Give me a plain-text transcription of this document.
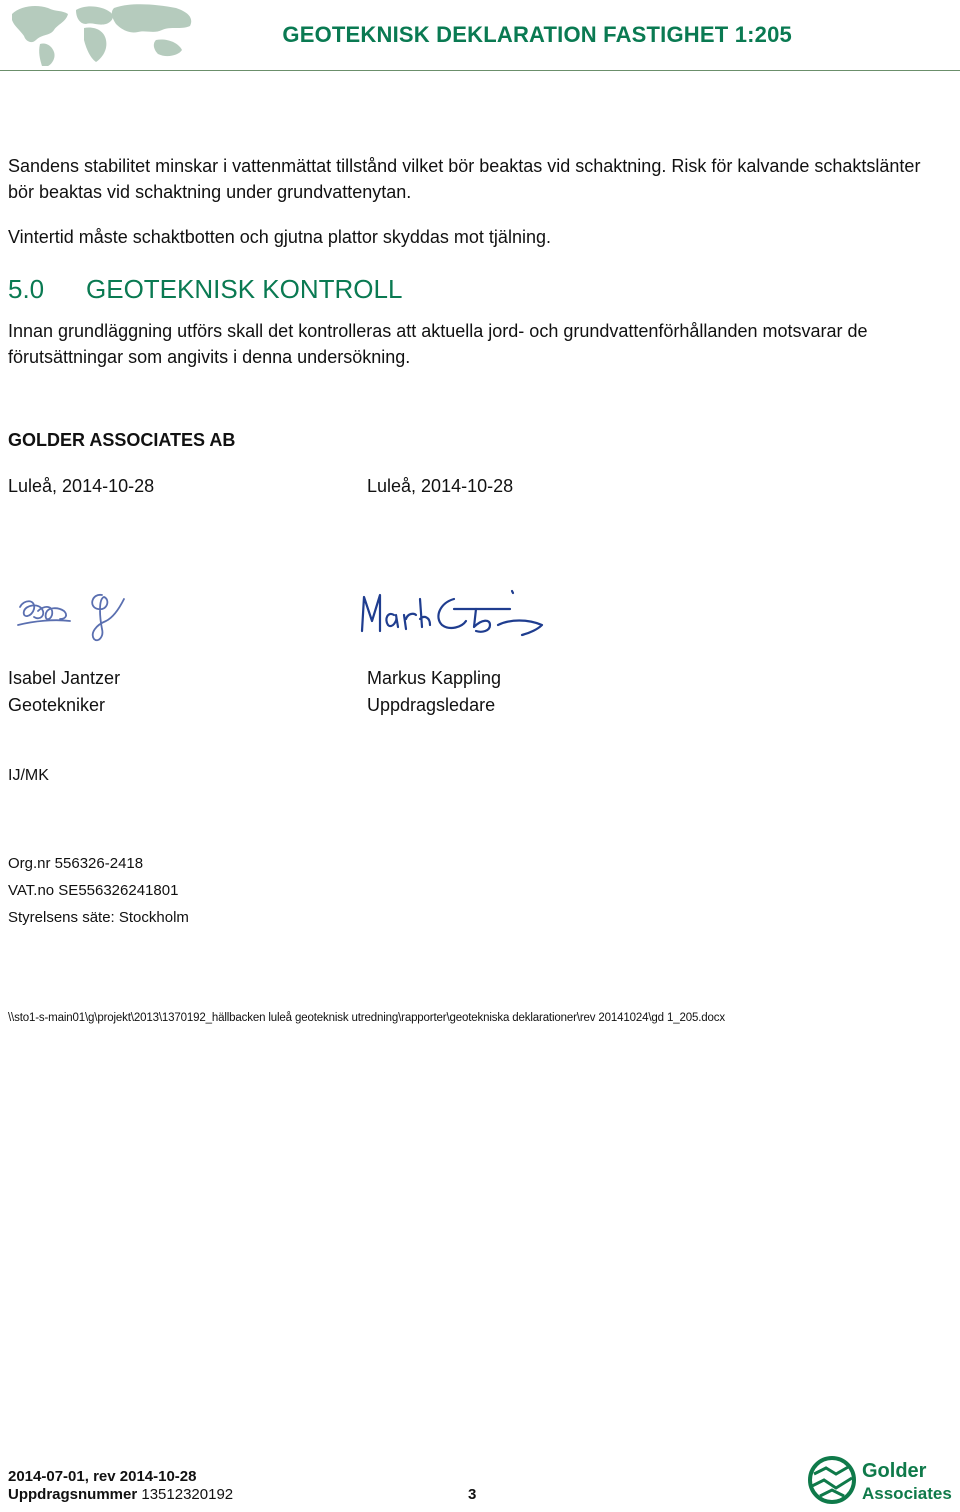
GEOTEKNISK DEKLARATION FASTIGHET 1:205
Sandens stabilitet minskar i vattenmättat tillstånd vilket bör beaktas vid schaktning. Risk för kalvande schaktslänter bör beaktas vid schaktning under grundvattenytan.
Vintertid måste schaktbotten och gjutna plattor skyddas mot tjälning.
5.0 GEOTEKNISK KONTROLL
Innan grundläggning utförs skall det kontrolleras att aktuella jord- och grundvattenförhållanden motsvarar de förutsättningar som angivits i denna undersökning.
GOLDER ASSOCIATES AB
Luleå, 2014-10-28	Luleå, 2014-10-28
Isabel Jantzer
Geotekniker
Markus Kappling
Uppdragsledare
IJ/MK
Org.nr 556326-2418
VAT.no SE556326241801
Styrelsens säte: Stockholm
\\sto1-s-main01\g\projekt\2013\1370192_hällbacken luleå geoteknisk utredning\rapporter\geotekniska deklarationer\rev 20141024\gd 1_205.docx
2014-07-01, rev 2014-10-28
Uppdragsnummer 13512320192	3
Golder
Associates
